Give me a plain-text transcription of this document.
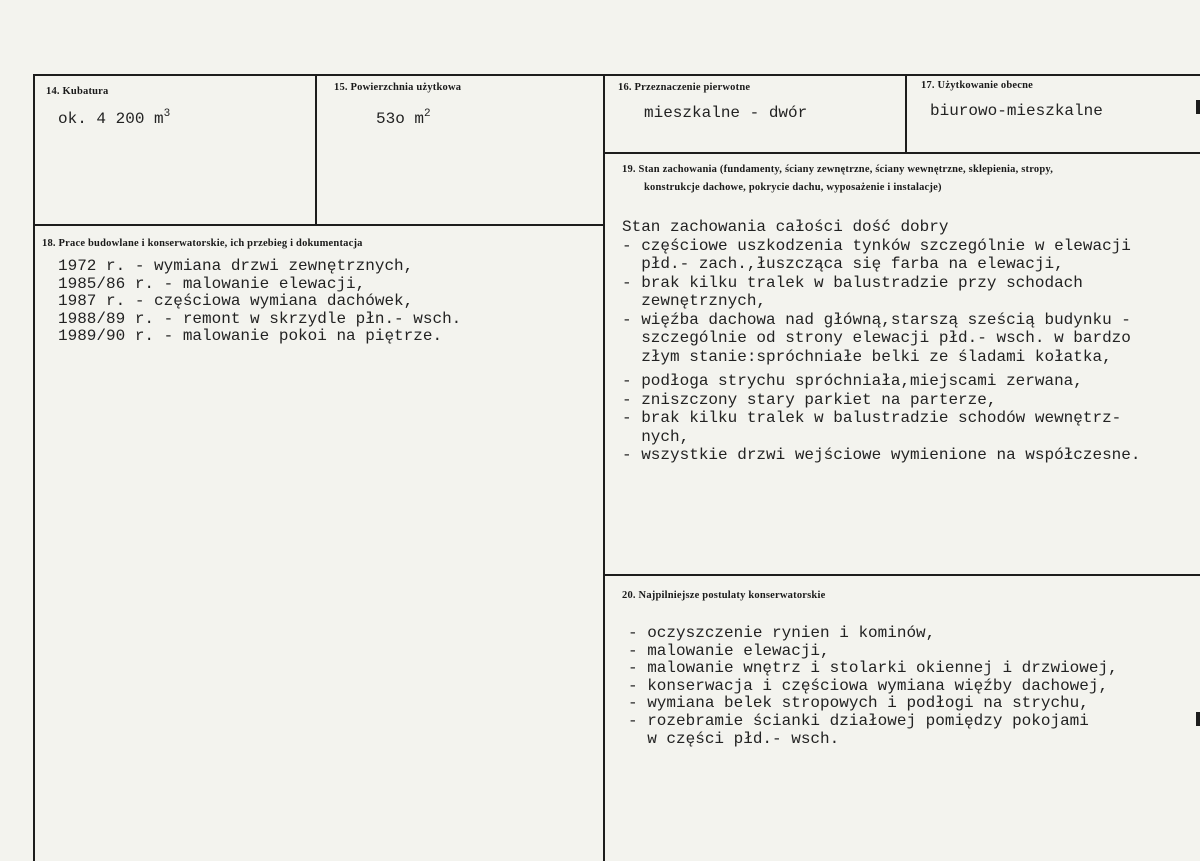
14. Kubatura
ok. 4 200 $m^3$
15. Powierzchnia użytkowa
53o $m^2$
16. Przeznaczenie pierwotne
mieszkalne - dwór
17. Użytkowanie obecne
biurowo-mieszkalne
18. Prace budowlane i konserwatorskie, ich przebieg i dokumentacja
1972 r. - wymiana drzwi zewnętrznych,
1985/86 r. - malowanie elewacji,
1987 r. - częściowa wymiana dachówek,
1988/89 r. - remont w skrzydle płn.- wsch.
1989/90 r. - malowanie pokoi na piętrze.
19. Stan zachowania (fundamenty, ściany zewnętrzne, ściany wewnętrzne, sklepienia, stropy,
konstrukcje dachowe, pokrycie dachu, wyposażenie i instalacje)
Stan zachowania całości dość dobry
- częściowe uszkodzenia tynków szczególnie w elewacji
płd.- zach.,łuszcząca się farba na elewacji,
- brak kilku tralek w balustradzie przy schodach
zewnętrznych,
- więźba dachowa nad główną,starszą sześcią budynku -
szczególnie od strony elewacji płd.- wsch. w bardzo
złym stanie:spróchniałe belki ze śladami kołatka,
- podłoga strychu spróchniała,miejscami zerwana,
- zniszczony stary parkiet na parterze,
- brak kilku tralek w balustradzie schodów wewnętrz-
nych,
- wszystkie drzwi wejściowe wymienione na współczesne.
20. Najpilniejsze postulaty konserwatorskie
- oczyszczenie rynien i kominów,
- malowanie elewacji,
- malowanie wnętrz i stolarki okiennej i drzwiowej,
- konserwacja i częściowa wymiana więźby dachowej,
- wymiana belek stropowych i podłogi na strychu,
- rozebramie ścianki działowej pomiędzy pokojami
w części płd.- wsch.
